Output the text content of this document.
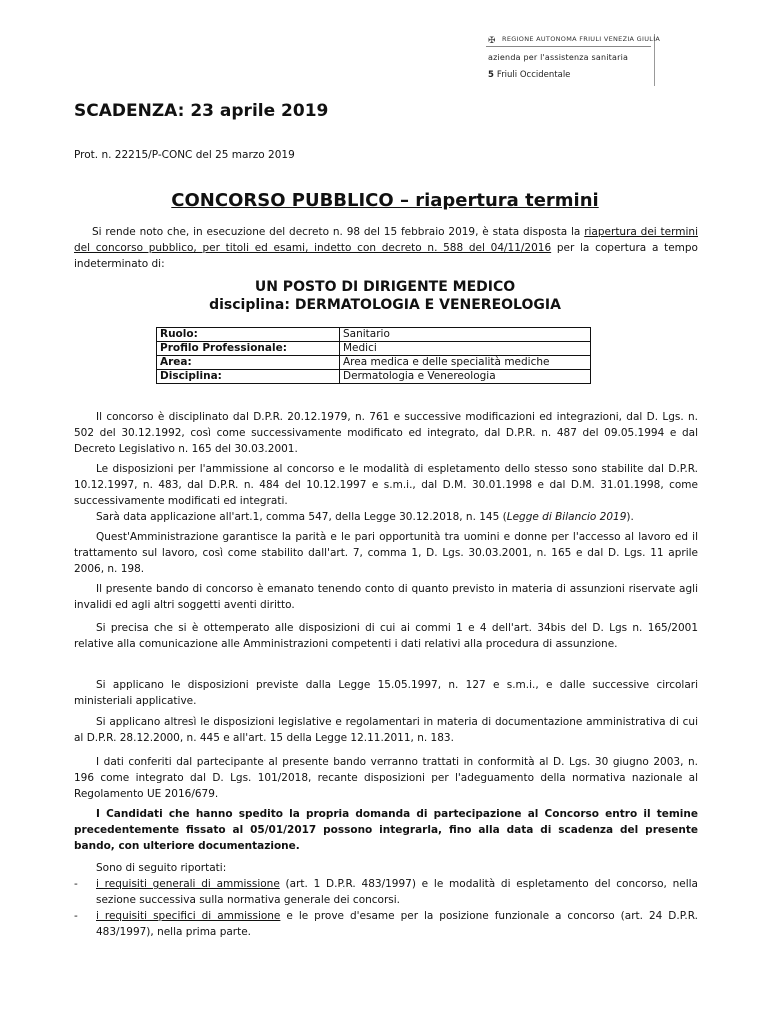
✠ REGIONE AUTONOMA FRIULI VENEZIA GIULIA
azienda per l'assistenza sanitaria
5 Friuli Occidentale
SCADENZA: 23 aprile 2019
Prot. n. 22215/P-CONC del 25 marzo 2019
CONCORSO PUBBLICO – riapertura termini

Si rende noto che, in esecuzione del decreto n. 98 del 15 febbraio 2019, è stata disposta la riapertura dei termini del concorso pubblico, per titoli ed esami, indetto con decreto n. 588 del 04/11/2016 per la copertura a tempo indeterminato di:

UN POSTO DI DIRIGENTE MEDICO
disciplina: DERMATOLOGIA E VENEREOLOGIA
Ruolo:	Sanitario
Profilo Professionale:	Medici
Area:	Area medica e delle specialità mediche
Disciplina:	Dermatologia e Venereologia

Il concorso è disciplinato dal D.P.R. 20.12.1979, n. 761 e successive modificazioni ed integrazioni, dal D. Lgs. n. 502 del 30.12.1992, così come successivamente modificato ed integrato, dal D.P.R. n. 487 del 09.05.1994 e dal Decreto Legislativo n. 165 del 30.03.2001.

Le disposizioni per l'ammissione al concorso e le modalità di espletamento dello stesso sono stabilite dal D.P.R. 10.12.1997, n. 483, dal D.P.R. n. 484 del 10.12.1997 e s.m.i., dal D.M. 30.01.1998 e dal D.M. 31.01.1998, come successivamente modificati ed integrati.
Sarà data applicazione all'art.1, comma 547, della Legge 30.12.2018, n. 145 (Legge di Bilancio 2019).

Quest'Amministrazione garantisce la parità e le pari opportunità tra uomini e donne per l'accesso al lavoro ed il trattamento sul lavoro, così come stabilito dall'art. 7, comma 1, D. Lgs. 30.03.2001, n. 165 e dal D. Lgs. 11 aprile 2006, n. 198.

Il presente bando di concorso è emanato tenendo conto di quanto previsto in materia di assunzioni riservate agli invalidi ed agli altri soggetti aventi diritto.

Si precisa che si è ottemperato alle disposizioni di cui ai commi 1 e 4 dell'art. 34bis del D. Lgs n. 165/2001 relative alla comunicazione alle Amministrazioni competenti i dati relativi alla procedura di assunzione.

Si applicano le disposizioni previste dalla Legge 15.05.1997, n. 127 e s.m.i., e dalle successive circolari ministeriali applicative.

Si applicano altresì le disposizioni legislative e regolamentari in materia di documentazione amministrativa di cui al D.P.R. 28.12.2000, n. 445 e all'art. 15 della Legge 12.11.2011, n. 183.

I dati conferiti dal partecipante al presente bando verranno trattati in conformità al D. Lgs. 30 giugno 2003, n. 196 come integrato dal D. Lgs. 101/2018, recante disposizioni per l'adeguamento della normativa nazionale al Regolamento UE 2016/679.

I Candidati che hanno spedito la propria domanda di partecipazione al Concorso entro il temine precedentemente fissato al 05/01/2017 possono integrarla, fino alla data di scadenza del presente bando, con ulteriore documentazione.

Sono di seguito riportati:

- i requisiti generali di ammissione (art. 1 D.P.R. 483/1997) e le modalità di espletamento del concorso, nella sezione successiva sulla normativa generale dei concorsi.
- i requisiti specifici di ammissione e le prove d'esame per la posizione funzionale a concorso (art. 24 D.P.R. 483/1997), nella prima parte.
